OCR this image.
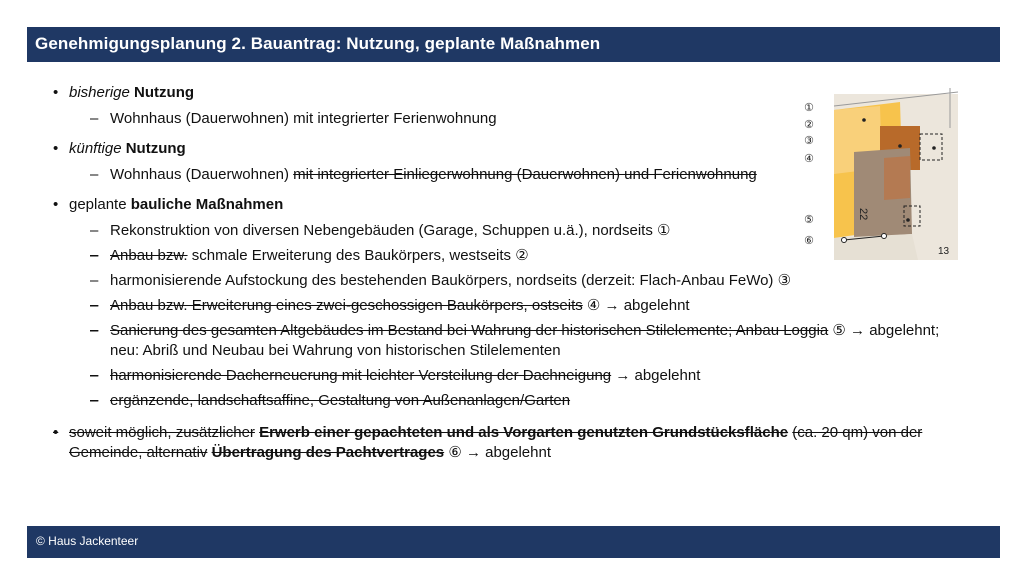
Genehmigungsplanung 2. Bauantrag: Nutzung, geplante Maßnahmen
• bisherige Nutzung
– Wohnhaus (Dauerwohnen) mit integrierter Ferienwohnung
• künftige Nutzung
– Wohnhaus (Dauerwohnen) mit integrierter Einliegerwohnung (Dauerwohnen) und Ferienwohnung
• geplante bauliche Maßnahmen
– Rekonstruktion von diversen Nebengebäuden (Garage, Schuppen u.ä.), nordseits ①
– Anbau bzw. schmale Erweiterung des Baukörpers, westseits ②
– harmonisierende Aufstockung des bestehenden Baukörpers, nordseits (derzeit: Flach-Anbau FeWo) ③
– Anbau bzw. Erweiterung eines zwei-geschossigen Baukörpers, ostseits ④ → abgelehnt
– Sanierung des gesamten Altgebäudes im Bestand bei Wahrung der historischen Stilelemente; Anbau Loggia ⑤ → abgelehnt; neu: Abriß und Neubau bei Wahrung von historischen Stilelementen
– harmonisierende Dacherneuerung mit leichter Versteilung der Dachneigung → abgelehnt
– ergänzende, landschaftsaffine, Gestaltung von Außenanlagen/Garten
• soweit möglich, zusätzlicher Erwerb einer gepachteten und als Vorgarten genutzten Grundstücksfläche (ca. 20 qm) von der Gemeinde, alternativ Übertragung des Pachtvertrages ⑥ → abgelehnt
22
13
①
②
③
④
⑤
⑥
© Haus Jackenteer
